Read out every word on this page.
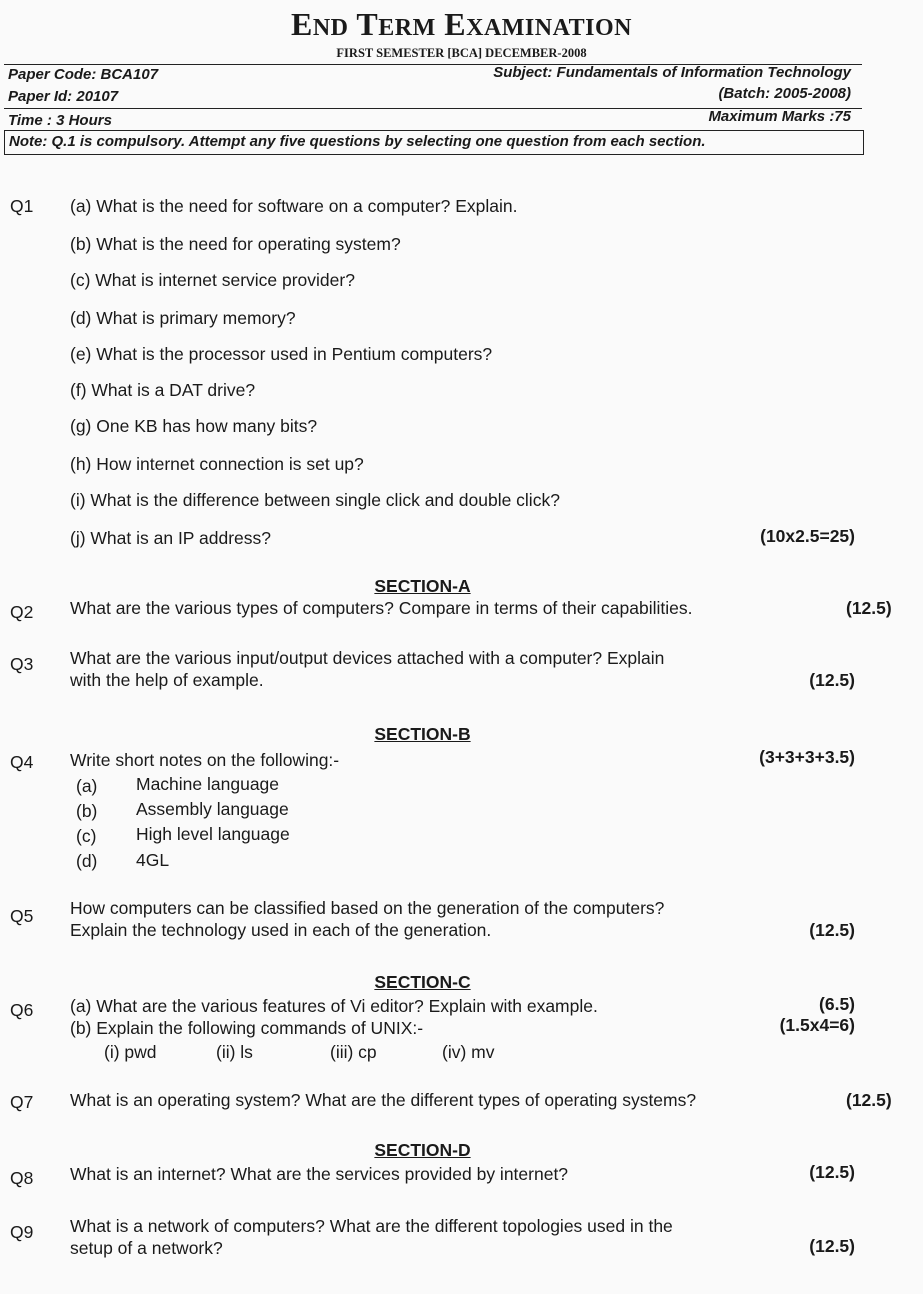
END TERM EXAMINATION
FIRST SEMESTER [BCA] DECEMBER-2008
Paper Code: BCA107	Subject: Fundamentals of Information Technology
Paper Id: 20107	(Batch: 2005-2008)
Time : 3 Hours	Maximum Marks :75
Note: Q.1 is compulsory. Attempt any five questions by selecting one question from each section.
Q1 (a) What is the need for software on a computer? Explain.
(b) What is the need for operating system?
(c) What is internet service provider?
(d) What is primary memory?
(e) What is the processor used in Pentium computers?
(f) What is a DAT drive?
(g) One KB has how many bits?
(h) How internet connection is set up?
(i) What is the difference between single click and double click?
(j) What is an IP address?	(10x2.5=25)
SECTION-A
Q2 What are the various types of computers? Compare in terms of their capabilities.	(12.5)
Q3 What are the various input/output devices attached with a computer? Explain
with the help of example.	(12.5)
SECTION-B
Q4 Write short notes on the following:-	(3+3+3+3.5)
(a) Machine language
(b) Assembly language
(c) High level language
(d) 4GL
Q5 How computers can be classified based on the generation of the computers?
Explain the technology used in each of the generation.	(12.5)
SECTION-C
Q6 (a) What are the various features of Vi editor? Explain with example.	(6.5)
(b) Explain the following commands of UNIX:-	(1.5x4=6)
(i) pwd	(ii) ls	(iii) cp	(iv) mv
Q7 What is an operating system? What are the different types of operating systems?	(12.5)
SECTION-D
Q8 What is an internet? What are the services provided by internet?	(12.5)
Q9 What is a network of computers? What are the different topologies used in the
setup of a network?	(12.5)
